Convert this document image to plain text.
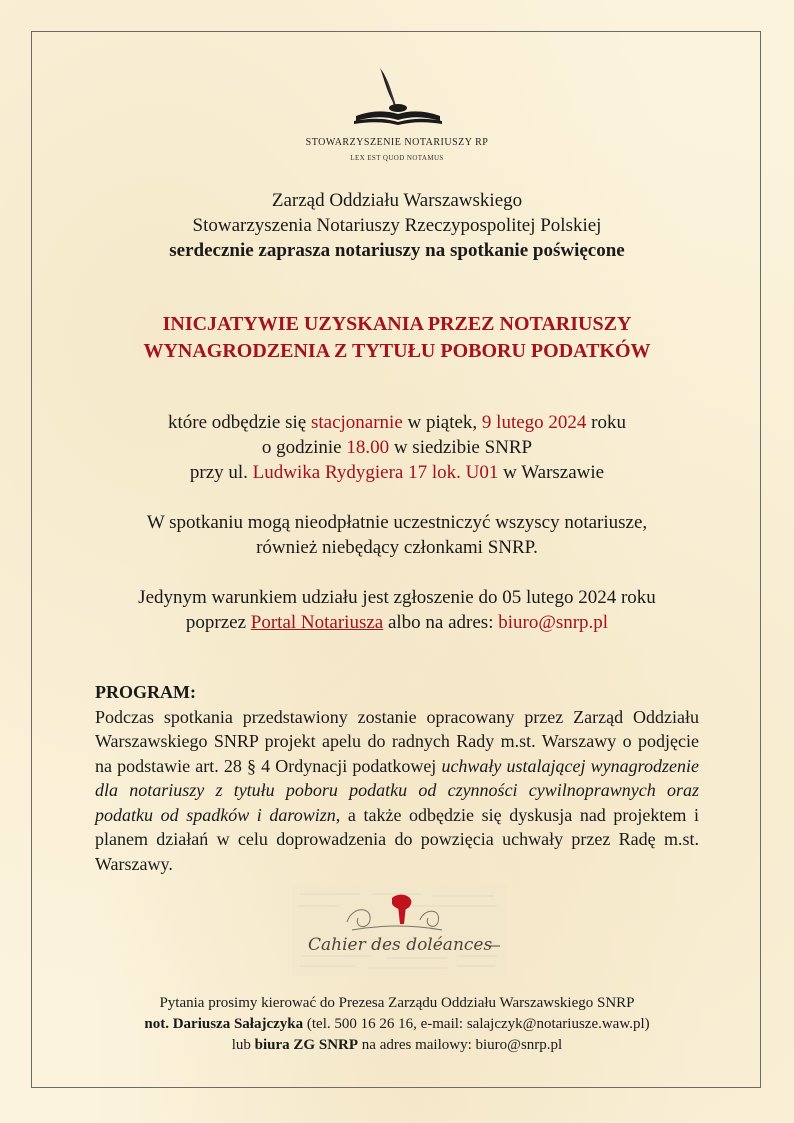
STOWARZYSZENIE NOTARIUSZY RP
LEX EST QUOD NOTAMUS
Zarząd Oddziału Warszawskiego
Stowarzyszenia Notariuszy Rzeczypospolitej Polskiej
serdecznie zaprasza notariuszy na spotkanie poświęcone
INICJATYWIE UZYSKANIA PRZEZ NOTARIUSZY
WYNAGRODZENIA Z TYTUŁU POBORU PODATKÓW
które odbędzie się stacjonarnie w piątek, 9 lutego 2024 roku
o godzinie 18.00 w siedzibie SNRP
przy ul. Ludwika Rydygiera 17 lok. U01 w Warszawie
W spotkaniu mogą nieodpłatnie uczestniczyć wszyscy notariusze,
również niebędący członkami SNRP.
Jedynym warunkiem udziału jest zgłoszenie do 05 lutego 2024 roku
poprzez Portal Notariusza albo na adres: biuro@snrp.pl
PROGRAM:
Podczas spotkania przedstawiony zostanie opracowany przez Zarząd Oddziału Warszawskiego SNRP projekt apelu do radnych Rady m.st. Warszawy o podjęcie na podstawie art. 28 § 4 Ordynacji podatkowej uchwały ustalającej wynagrodzenie dla notariuszy z tytułu poboru podatku od czynności cywilnoprawnych oraz podatku od spadków i darowizn, a także odbędzie się dyskusja nad projektem i planem działań w celu doprowadzenia do powzięcia uchwały przez Radę m.st. Warszawy.
Cahier des doléances
Pytania prosimy kierować do Prezesa Zarządu Oddziału Warszawskiego SNRP
not. Dariusza Sałajczyka (tel. 500 16 26 16, e-mail: salajczyk@notariusze.waw.pl)
lub biura ZG SNRP na adres mailowy: biuro@snrp.pl
